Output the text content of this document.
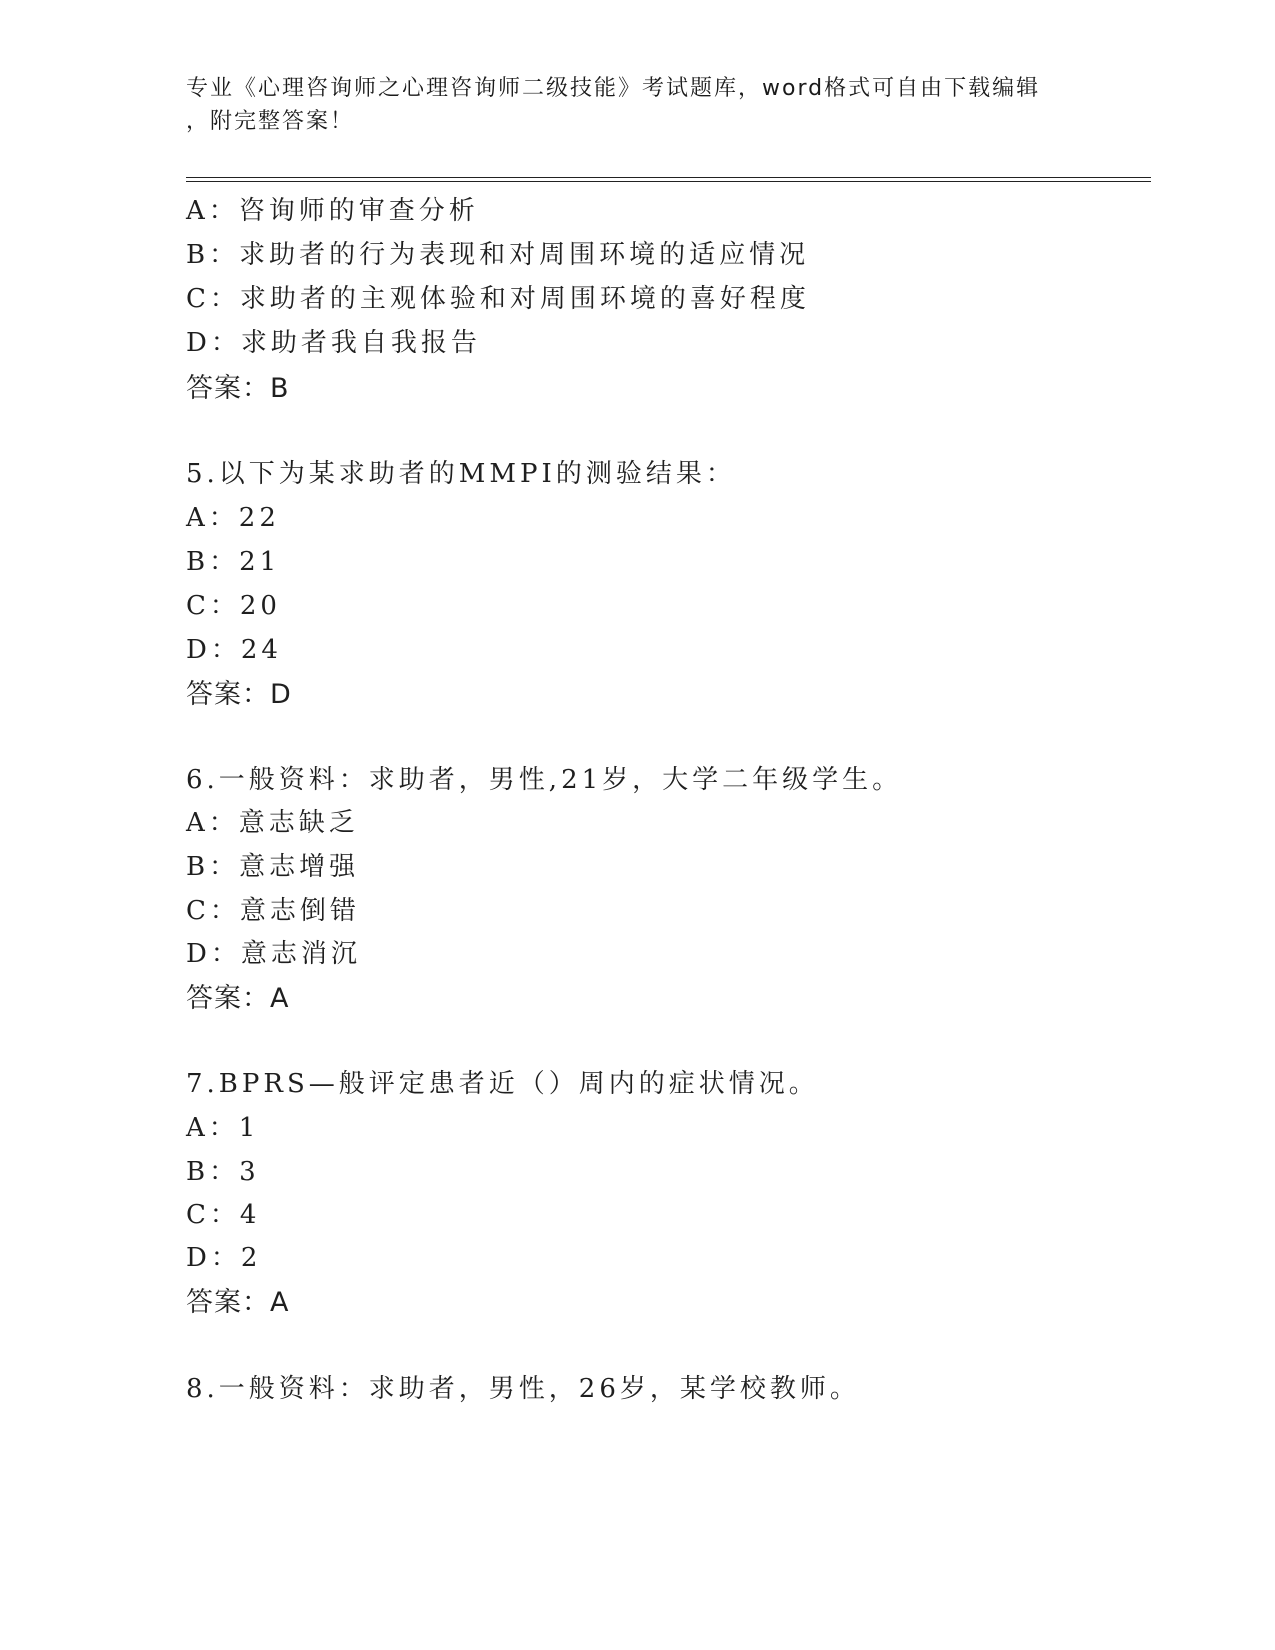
专业《心理咨询师之心理咨询师二级技能》考试题库，word格式可自由下载编辑
，附完整答案！
A：咨询师的审查分析
B：求助者的行为表现和对周围环境的适应情况
C：求助者的主观体验和对周围环境的喜好程度
D：求助者我自我报告
答案：B
5.以下为某求助者的MMPI的测验结果：
A：22
B：21
C：20
D：24
答案：D
6.一般资料：求助者，男性,21岁，大学二年级学生。
A：意志缺乏
B：意志增强
C：意志倒错
D：意志消沉
答案：A
7.BPRS—般评定患者近（）周内的症状情况。
A：1
B：3
C：4
D：2
答案：A
8.一般资料：求助者，男性，26岁，某学校教师。
